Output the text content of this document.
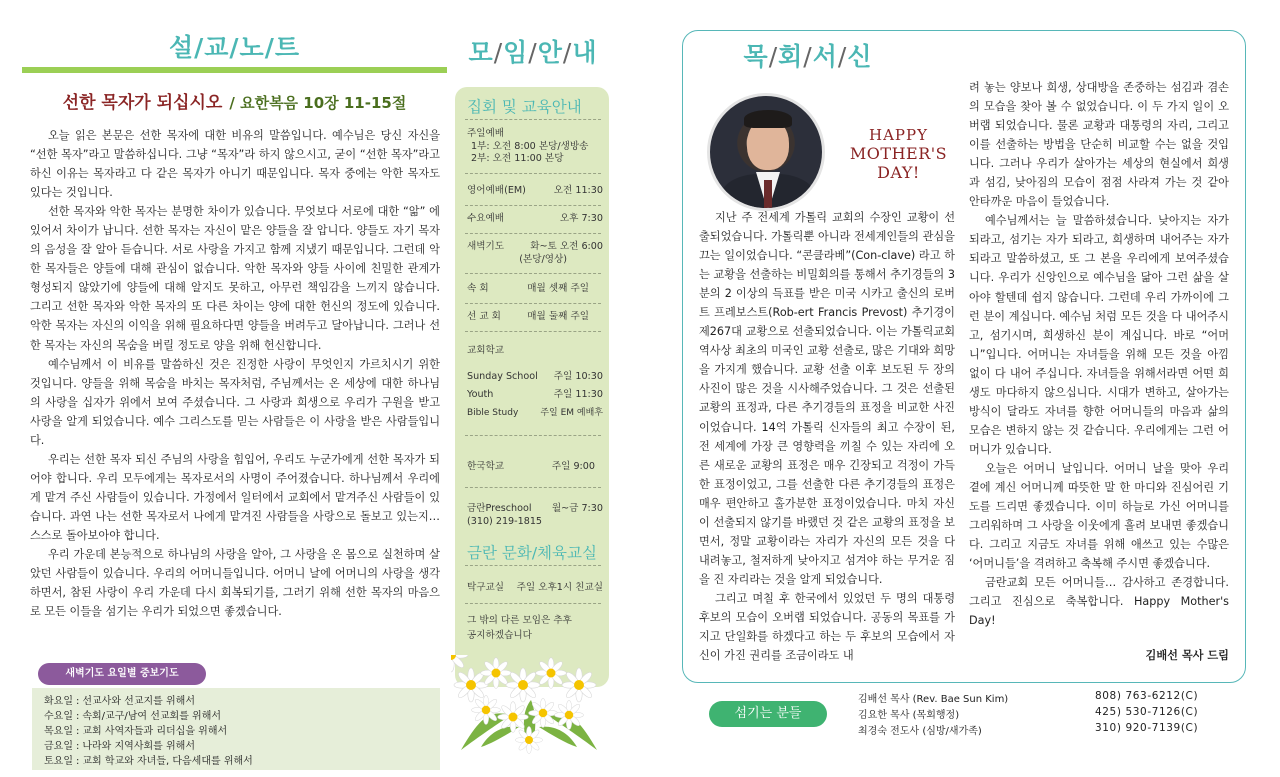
설/교/노/트
선한 목자가 되십시오 / 요한복음 10장 11-15절

오늘 읽은 본문은 선한 목자에 대한 비유의 말씀입니다. 예수님은 당신 자신을 “선한 목자”라고 말씀하십니다. 그냥 “목자”라 하지 않으시고, 굳이 “선한 목자”라고 하신 이유는 목자라고 다 같은 목자가 아니기 때문입니다. 목자 중에는 악한 목자도 있다는 것입니다.

선한 목자와 악한 목자는 분명한 차이가 있습니다. 무엇보다 서로에 대한 “앎” 에 있어서 차이가 납니다. 선한 목자는 자신이 맡은 양들을 잘 압니다. 양들도 자기 목자의 음성을 잘 알아 듣습니다. 서로 사랑을 가지고 함께 지냈기 때문입니다. 그런데 악한 목자들은 양들에 대해 관심이 없습니다. 악한 목자와 양들 사이에 친밀한 관계가 형성되지 않았기에 양들에 대해 알지도 못하고, 아무런 책임감을 느끼지 않습니다. 그리고 선한 목자와 악한 목자의 또 다른 차이는 양에 대한 헌신의 정도에 있습니다. 악한 목자는 자신의 이익을 위해 필요하다면 양들을 버려두고 달아납니다. 그러나 선한 목자는 자신의 목숨을 버릴 정도로 양을 위해 헌신합니다.

예수님께서 이 비유를 말씀하신 것은 진정한 사랑이 무엇인지 가르치시기 위한 것입니다. 양들을 위해 목숨을 바치는 목자처럼, 주님께서는 온 세상에 대한 하나님의 사랑을 십자가 위에서 보여 주셨습니다. 그 사랑과 희생으로 우리가 구원을 받고 사랑을 알게 되었습니다. 예수 그리스도를 믿는 사람들은 이 사랑을 받은 사람들입니다.

우리는 선한 목자 되신 주님의 사랑을 힘입어, 우리도 누군가에게 선한 목자가 되어야 합니다. 우리 모두에게는 목자로서의 사명이 주어졌습니다. 하나님께서 우리에게 맡겨 주신 사람들이 있습니다. 가정에서 일터에서 교회에서 맡겨주신 사람들이 있습니다. 과연 나는 선한 목자로서 나에게 맡겨진 사람들을 사랑으로 돌보고 있는지… 스스로 돌아보아야 합니다.

우리 가운데 본능적으로 하나님의 사랑을 알아, 그 사랑을 온 몸으로 실천하며 살았던 사람들이 있습니다. 우리의 어머니들입니다. 어머니 날에 어머니의 사랑을 생각하면서, 참된 사랑이 우리 가운데 다시 회복되기를, 그러기 위해 선한 목자의 마음으로 모든 이들을 섬기는 우리가 되었으면 좋겠습니다.

새벽기도 요일별 중보기도
화요일 : 선교사와 선교지를 위해서
수요일 : 속회/교구/남여 선교회를 위해서
목요일 : 교회 사역자들과 리더십을 위해서
금요일 : 나라와 지역사회를 위해서
토요일 : 교회 학교와 자녀들, 다음세대를 위해서
모/임/안/내
집회 및 교육안내
주일예배
1부: 오전 8:00 본당/생방송
2부: 오전 11:00 본당
영어예배(EM)	오전 11:30
수요예배	오후 7:30
새벽기도	화~토 오전 6:00
(본당/영상)
속 회	매월 셋째 주일
선 교 회	매월 둘째 주일
교회학교
Sunday School 주일 10:30
Youth	주일 11:30
Bible Study 주일 EM 예배후
한국학교	주일 9:00
금란Preschool 월~금 7:30
(310) 219-1815
금란 문화/체육교실
탁구교실 주일 오후1시 친교실
그 밖의 다른 모임은 추후
공지하겠습니다
목/회/서/신
HAPPY
MOTHER'S DAY!

지난 주 전세계 가톨릭 교회의 수장인 교황이 선출되었습니다. 가톨릭뿐 아니라 전세계인들의 관심을 끄는 일이었습니다. “콘클라베”(Con-clave) 라고 하는 교황을 선출하는 비밀회의를 통해서 추기경들의 3분의 2 이상의 득표를 받은 미국 시카고 출신의 로버트 프레보스트(Rob-ert Francis Prevost) 추기경이 제267대 교황으로 선출되었습니다. 이는 가톨릭교회 역사상 최초의 미국인 교황 선출로, 많은 기대와 희망을 가지게 했습니다. 교황 선출 이후 보도된 두 장의 사진이 많은 것을 시사해주었습니다. 그 것은 선출된 교황의 표정과, 다른 추기경들의 표정을 비교한 사진이었습니다. 14억 가톨릭 신자들의 최고 수장이 된, 전 세계에 가장 큰 영향력을 끼칠 수 있는 자리에 오른 새로운 교황의 표정은 매우 긴장되고 걱정이 가득한 표정이었고, 그를 선출한 다른 추기경들의 표정은 매우 편안하고 홀가분한 표정이었습니다. 마치 자신이 선출되지 않기를 바랬던 것 같은 교황의 표정을 보면서, 정말 교황이라는 자리가 자신의 모든 것을 다 내려놓고, 철저하게 낮아지고 섬겨야 하는 무거운 짐을 진 자리라는 것을 알게 되었습니다.

그리고 며칠 후 한국에서 있었던 두 명의 대통령 후보의 모습이 오버랩 되었습니다. 공동의 목표를 가지고 단일화를 하겠다고 하는 두 후보의 모습에서 자신이 가진 권리를 조금이라도 내

려 놓는 양보나 희생, 상대방을 존중하는 섬김과 겸손의 모습을 찾아 볼 수 없었습니다. 이 두 가지 일이 오버랩 되었습니다. 물론 교황과 대통령의 자리, 그리고 이를 선출하는 방법을 단순히 비교할 수는 없을 것입니다. 그러나 우리가 살아가는 세상의 현실에서 희생과 섬김, 낮아짐의 모습이 점점 사라져 가는 것 같아 안타까운 마음이 들었습니다.

예수님께서는 늘 말씀하셨습니다. 낮아지는 자가 되라고, 섬기는 자가 되라고, 희생하며 내어주는 자가 되라고 말씀하셨고, 또 그 본을 우리에게 보여주셨습니다. 우리가 신앙인으로 예수님을 닮아 그런 삶을 살아야 할텐데 쉽지 않습니다. 그런데 우리 가까이에 그런 분이 계십니다. 예수님 처럼 모든 것을 다 내어주시고, 섬기시며, 희생하신 분이 계십니다. 바로 “어머니”입니다. 어머니는 자녀들을 위해 모든 것을 아낌 없이 다 내어 주십니다. 자녀들을 위해서라면 어떤 희생도 마다하지 않으십니다. 시대가 변하고, 살아가는 방식이 달라도 자녀를 향한 어머니들의 마음과 삶의 모습은 변하지 않는 것 같습니다. 우리에게는 그런 어머니가 있습니다.

오늘은 어머니 날입니다. 어머니 날을 맞아 우리 곁에 계신 어머니께 따뜻한 말 한 마디와 진심어린 기도를 드리면 좋겠습니다. 이미 하늘로 가신 어머니를 그리워하며 그 사랑을 이웃에게 흘려 보내면 좋겠습니다. 그리고 지금도 자녀를 위해 애쓰고 있는 수많은 ‘어머니들’을 격려하고 축복해 주시면 좋겠습니다.

금란교회 모든 어머니들… 감사하고 존경합니다. 그리고 진심으로 축복합니다. Happy Mother's Day!

김배선 목사 드림
섬기는 분들
김배선 목사 (Rev. Bae Sun Kim)	808) 763-6212(C)
김요한 목사 (목회행정)	425) 530-7126(C)
최경숙 전도사 (심방/새가족)	310) 920-7139(C)
